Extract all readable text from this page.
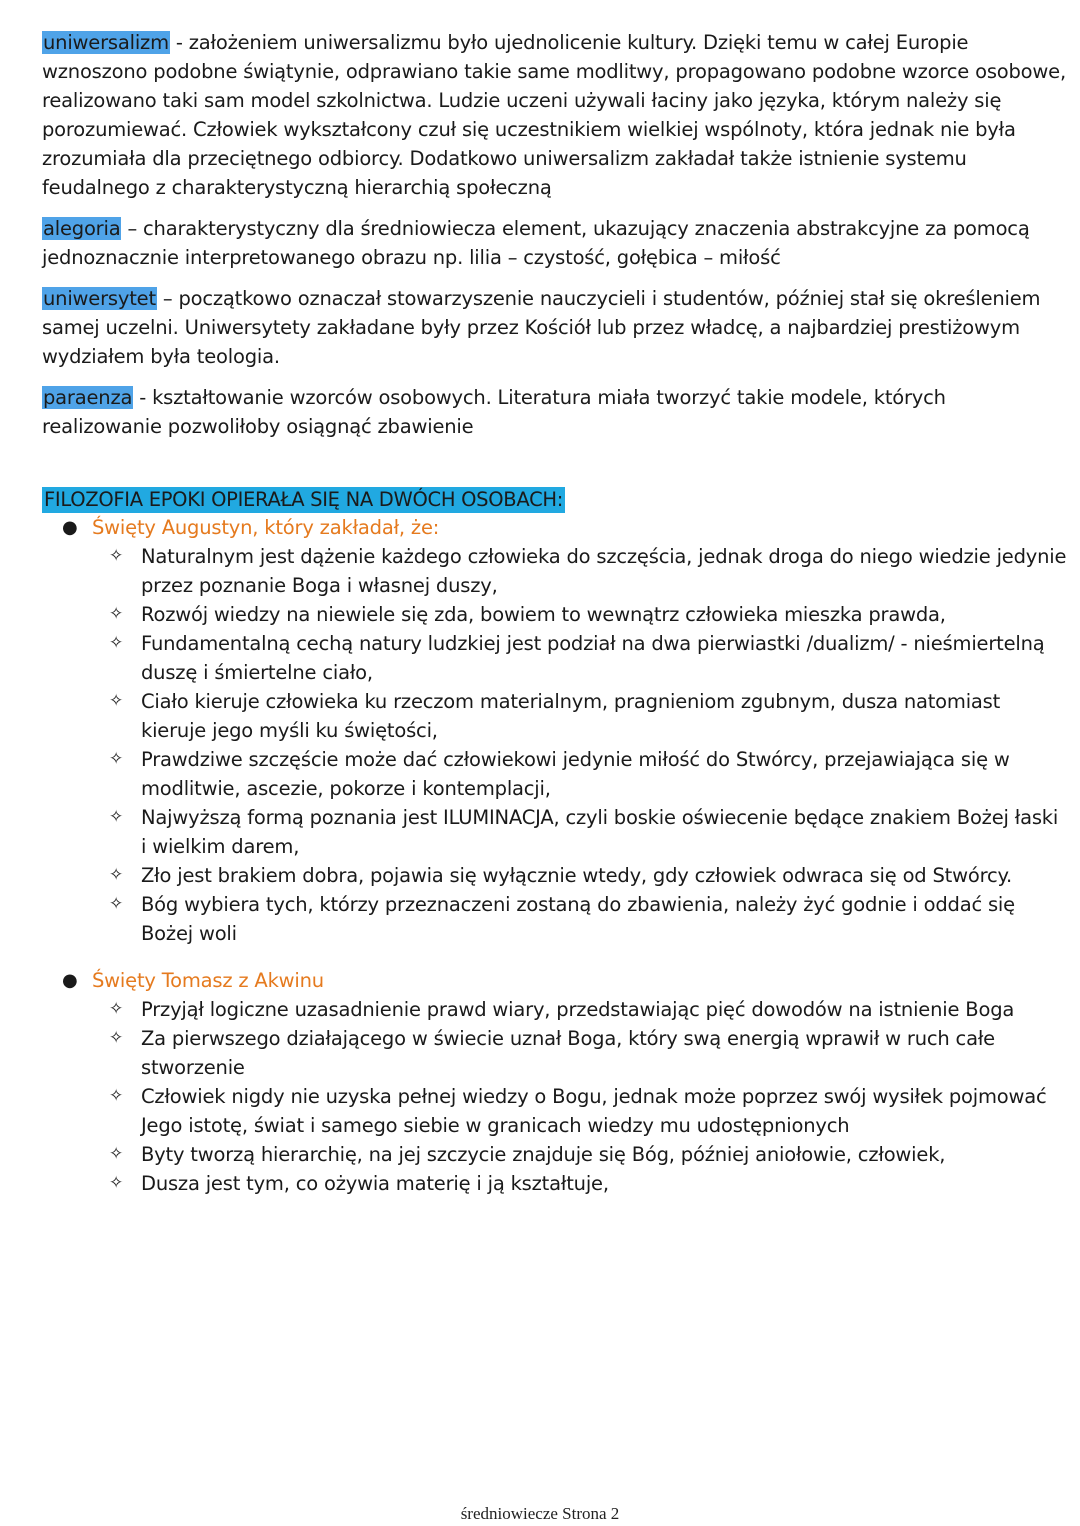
uniwersalizm - założeniem uniwersalizmu było ujednolicenie kultury. Dzięki temu w całej Europie wznoszono podobne świątynie, odprawiano takie same modlitwy, propagowano podobne wzorce osobowe, realizowano taki sam model szkolnictwa. Ludzie uczeni używali łaciny jako języka, którym należy się porozumiewać. Człowiek wykształcony czuł się uczestnikiem wielkiej wspólnoty, która jednak nie była zrozumiała dla przeciętnego odbiorcy. Dodatkowo uniwersalizm zakładał także istnienie systemu feudalnego z charakterystyczną hierarchią społeczną

alegoria – charakterystyczny dla średniowiecza element, ukazujący znaczenia abstrakcyjne za pomocą jednoznacznie interpretowanego obrazu np. lilia – czystość, gołębica – miłość

uniwersytet – początkowo oznaczał stowarzyszenie nauczycieli i studentów, później stał się określeniem samej uczelni. Uniwersytety zakładane były przez Kościół lub przez władcę, a najbardziej prestiżowym wydziałem była teologia.

paraenza - kształtowanie wzorców osobowych. Literatura miała tworzyć takie modele, których realizowanie pozwoliłoby osiągnąć zbawienie

FILOZOFIA EPOKI OPIERAŁA SIĘ NA DWÓCH OSOBACH:
● Święty Augustyn, który zakładał, że:
✧ Naturalnym jest dążenie każdego człowieka do szczęścia, jednak droga do niego wiedzie jedynie przez poznanie Boga i własnej duszy,
✧ Rozwój wiedzy na niewiele się zda, bowiem to wewnątrz człowieka mieszka prawda,
✧ Fundamentalną cechą natury ludzkiej jest podział na dwa pierwiastki /dualizm/ - nieśmiertelną duszę i śmiertelne ciało,
✧ Ciało kieruje człowieka ku rzeczom materialnym, pragnieniom zgubnym, dusza natomiast kieruje jego myśli ku świętości,
✧ Prawdziwe szczęście może dać człowiekowi jedynie miłość do Stwórcy, przejawiająca się w modlitwie, ascezie, pokorze i kontemplacji,
✧ Najwyższą formą poznania jest ILUMINACJA, czyli boskie oświecenie będące znakiem Bożej łaski i wielkim darem,
✧ Zło jest brakiem dobra, pojawia się wyłącznie wtedy, gdy człowiek odwraca się od Stwórcy.
✧ Bóg wybiera tych, którzy przeznaczeni zostaną do zbawienia, należy żyć godnie i oddać się Bożej woli
● Święty Tomasz z Akwinu
✧ Przyjął logiczne uzasadnienie prawd wiary, przedstawiając pięć dowodów na istnienie Boga
✧ Za pierwszego działającego w świecie uznał Boga, który swą energią wprawił w ruch całe stworzenie
✧ Człowiek nigdy nie uzyska pełnej wiedzy o Bogu, jednak może poprzez swój wysiłek pojmować Jego istotę, świat i samego siebie w granicach wiedzy mu udostępnionych
✧ Byty tworzą hierarchię, na jej szczycie znajduje się Bóg, później aniołowie, człowiek,
✧ Dusza jest tym, co ożywia materię i ją kształtuje,
średniowiecze Strona 2
